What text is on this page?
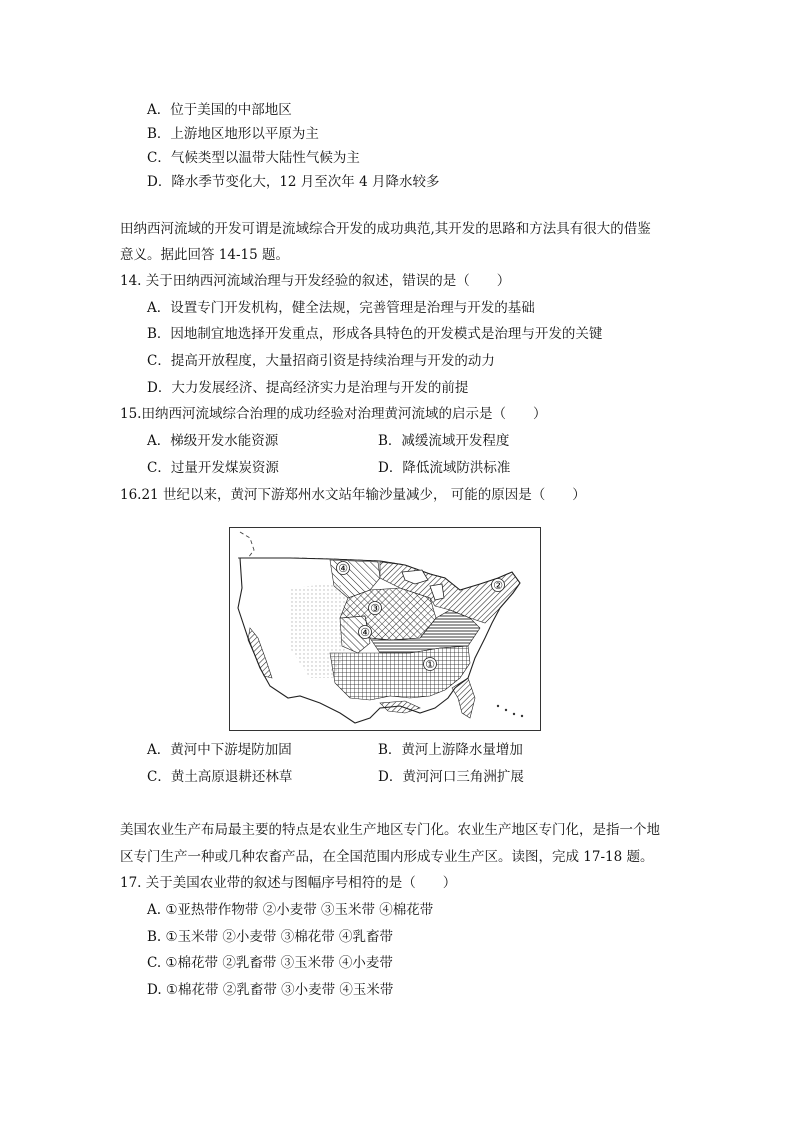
A．位于美国的中部地区
B．上游地区地形以平原为主
C．气候类型以温带大陆性气候为主
D．降水季节变化大，12 月至次年 4 月降水较多
田纳西河流域的开发可谓是流域综合开发的成功典范,其开发的思路和方法具有很大的借鉴
意义。据此回答 14-15 题。
14. 关于田纳西河流域治理与开发经验的叙述，错误的是（　　）
A．设置专门开发机构，健全法规，完善管理是治理与开发的基础
B．因地制宜地选择开发重点，形成各具特色的开发模式是治理与开发的关键
C．提高开放程度，大量招商引资是持续治理与开发的动力
D．大力发展经济、提高经济实力是治理与开发的前提
15.田纳西河流域综合治理的成功经验对治理黄河流域的启示是（　　）
A．梯级开发水能资源	B．减缓流域开发程度
C．过量开发煤炭资源	D．降低流域防洪标准
16.21 世纪以来，黄河下游郑州水文站年输沙量减少， 可能的原因是（　　）
④
②
③
④
①
A．黄河中下游堤防加固	B．黄河上游降水量增加
C．黄土高原退耕还林草	D．黄河河口三角洲扩展
美国农业生产布局最主要的特点是农业生产地区专门化。农业生产地区专门化，是指一个地
区专门生产一种或几种农畜产品，在全国范围内形成专业生产区。读图，完成 17-18 题。
17. 关于美国农业带的叙述与图幅序号相符的是（　　）
A. ①亚热带作物带 ②小麦带 ③玉米带 ④棉花带
B. ①玉米带 ②小麦带 ③棉花带 ④乳畜带
C. ①棉花带 ②乳畜带 ③玉米带 ④小麦带
D. ①棉花带 ②乳畜带 ③小麦带 ④玉米带
